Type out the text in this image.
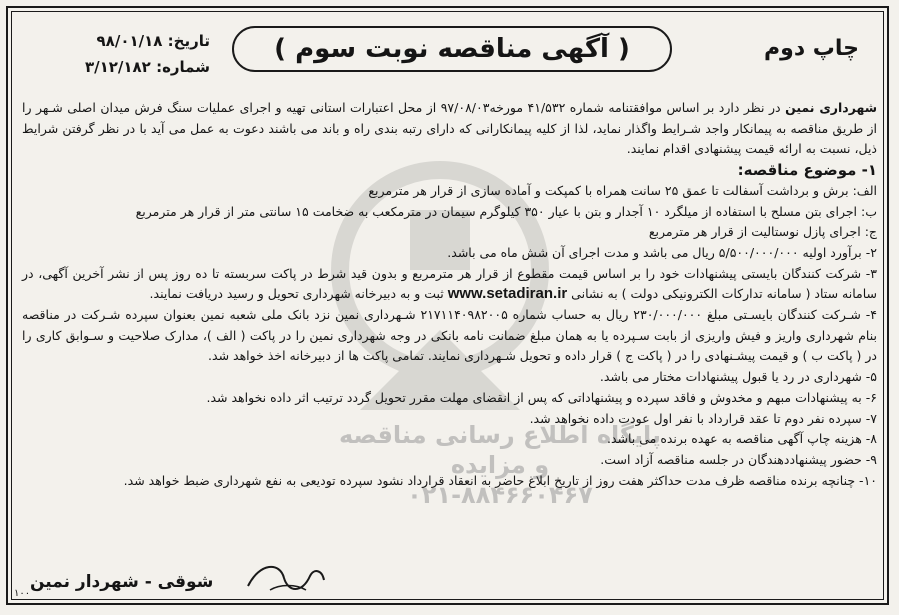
پایگاه اطلاع رسانی مناقصه و مزایده
۰۲۱-۸۸۴۶۶۰۴۶۷
چاپ دوم
( آگهی مناقصه نوبت سوم )
تاریخ: ۹۸/۰۱/۱۸
شماره: ۳/۱۲/۱۸۲

شهرداری نمین در نظر دارد بر اساس موافقتنامه شماره ۴۱/۵۳۲ مورخه۹۷/۰۸/۰۳ از محل اعتبارات استانی تهیه و اجرای عملیات سنگ فرش میدان اصلی شـهر را از طریق مناقصه به پیمانکار واجد شـرایط واگذار نماید، لذا از کلیه پیمانکارانی که دارای رتبه بندی راه و باند می باشند دعوت به عمل می آید با در نظر گرفتن شرایط ذیل، نسبت به ارائه قیمت پیشنهادی اقدام نمایند.

۱- موضوع مناقصه:

الف: برش و برداشت آسفالت تا عمق ۲۵ سانت همراه با کمپکت و آماده سازی از قرار هر مترمربع

ب: اجرای بتن مسلح با استفاده از میلگرد ۱۰ آجدار و بتن با عیار ۳۵۰ کیلوگرم سیمان در مترمکعب به ضخامت ۱۵ سانتی متر از قرار هر مترمربع

ج: اجرای پازل نوستالیت از قرار هر مترمربع

۲- برآورد اولیه ۵/۵۰۰/۰۰۰/۰۰۰ ریال می باشد و مدت اجرای آن شش ماه می باشد.

۳- شرکت کنندگان بایستی پیشنهادات خود را بر اساس قیمت مقطوع از قرار هر مترمربع و بدون قید شرط در پاکت سربسته تا ده روز پس از نشر آخرین آگهی، در سامانه ستاد ( سامانه تدارکات الکترونیکی دولت ) به نشانی www.setadiran.ir ثبت و به دبیرخانه شهرداری تحویل و رسید دریافت نمایند.

۴- شـرکت کنندگان بایسـتی مبلغ ۲۳۰/۰۰۰/۰۰۰ ریال به حساب شماره ۲۱۷۱۱۴۰۹۸۲۰۰۵ شـهرداری نمین نزد بانک ملی شعبه نمین بعنوان سپرده شـرکت در مناقصه بنام شهرداری واریز و فیش واریزی از بابت سـپرده یا به همان مبلغ ضمانت نامه بانکی در وجه شهرداری نمین را در پاکت ( الف )، مدارک صلاحیت و سـوابق کاری را در ( پاکت ب ) و قیمت پیشـنهادی را در ( پاکت ج ) قرار داده و تحویل شـهرداری نمایند. تمامی پاکت ها از دبیرخانه اخذ خواهد شد.

۵- شهرداری در رد یا قبول پیشنهادات مختار می باشد.

۶- به پیشنهادات مبهم و مخدوش و فاقد سپرده و پیشنهاداتی که پس از انقضای مهلت مقرر تحویل گردد ترتیب اثر داده نخواهد شد.

۷- سپرده نفر دوم تا عقد قرارداد با نفر اول عودت داده نخواهد شد.

۸- هزینه چاپ آگهی مناقصه به عهده برنده می باشد.

۹- حضور پیشنهاددهندگان در جلسه مناقصه آزاد است.

۱۰- چنانچه برنده مناقصه ظرف مدت حداکثر هفت روز از تاریخ ابلاغ حاضر به انعقاد قرارداد نشود سپرده تودیعی به نفع شهرداری ضبط خواهد شد.

شوقی - شهردار نمین
۱۰۰
